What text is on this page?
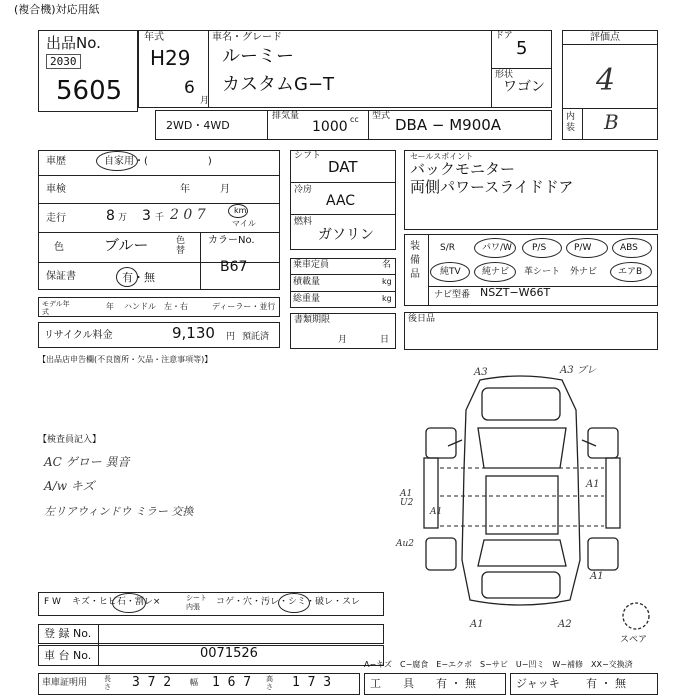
(複合機)対応用紙
出品No.
2030
5605
年式
H29
6
月
車名・グレード
ルーミー
カスタムG−T
ドア
5
形状
ワゴン
評価点
4
内装 B
2WD・4WD
排気量
1000 cc 型式 DBA − M900A
車歴	自家用・(　　　　　　)
車検	年　　　月
走行	8 万 3 千 2 0 7	km
マイル
色	ブルー	色替
カラーNo.
B67
保証書	有・無
モデル年式
年 ハンドル　左・右	ディーラー・並行
リサイクル料金	9,130 円 預託済
シフト
DAT
冷房
AAC
燃料
ガソリン
乗車定員	名
積載量	kg
総重量	kg
書類期限
月	日
セールスポイント
バックモニター
両側パワースライドドア
装備品
S/R	パワ/W P/S	P/W	ABS
純TV 純ナビ 革シート 外ナビ エアB
ナビ型番 NSZT−W66T
後日品
【出品店申告欄(不良箇所・欠品・注意事項等)】
【検査員記入】
AC ゲロー 異音
A/w キズ
左リアウィンドウ ミラー 交換
A3	A3 ブレ
A1
A1 U2
A1
Au2
A1
A1	A2
スペア
F W キズ・ヒビ石・割レ×	シート内張	コゲ・穴・汚レ・シミ・破レ・スレ
登 録 No.
車 台 No.	0071526
A−キズ　C−腐食　E−エクボ　S−サビ　U−凹ミ　W−補修　XX−交換済
車庫証明用 長さ 3 7 2 幅 1 6 7 高さ 1 7 3	工　　具 有 ・ 無	ジャッキ 有 ・ 無
